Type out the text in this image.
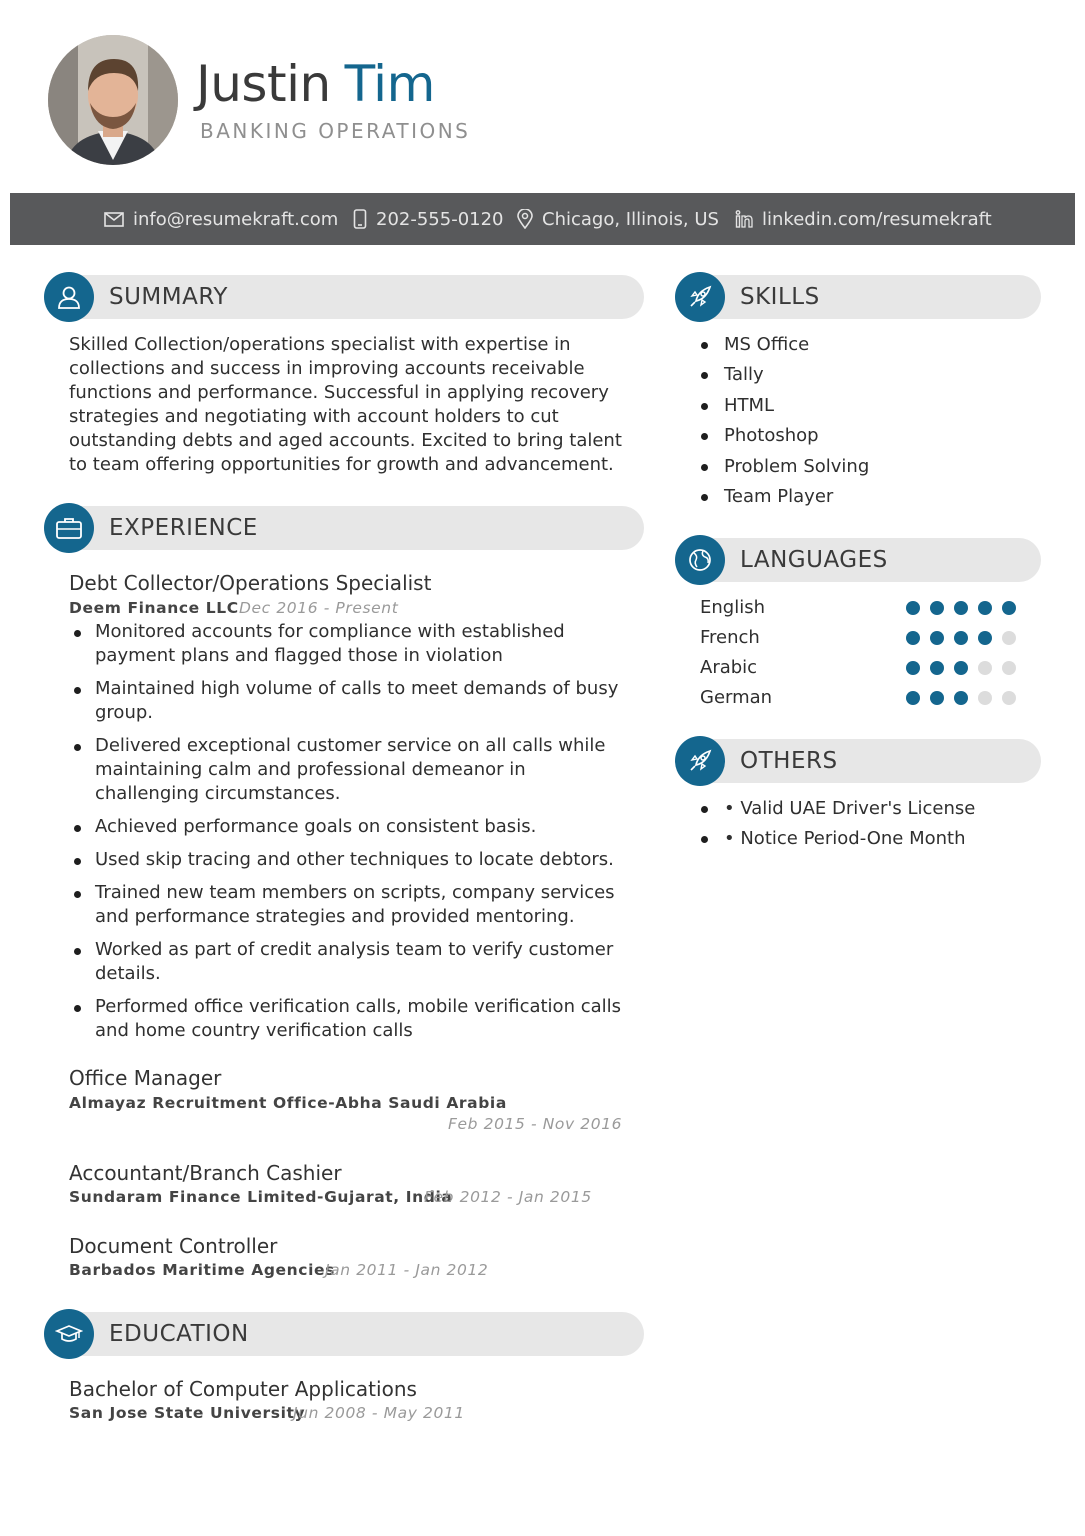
Justin Tim
BANKING OPERATIONS
info@resumekraft.com 202-555-0120 Chicago, Illinois, US linkedin.com/resumekraft
SUMMARY
Skilled Collection/operations specialist with expertise in collections and success in improving accounts receivable functions and performance. Successful in applying recovery strategies and negotiating with account holders to cut outstanding debts and aged accounts. Excited to bring talent to team offering opportunities for growth and advancement.
EXPERIENCE
Debt Collector/Operations Specialist
Deem Finance LLC Dec 2016 - Present
Monitored accounts for compliance with established payment plans and flagged those in violation
Maintained high volume of calls to meet demands of busy group.
Delivered exceptional customer service on all calls while maintaining calm and professional demeanor in challenging circumstances.
Achieved performance goals on consistent basis.
Used skip tracing and other techniques to locate debtors.
Trained new team members on scripts, company services and performance strategies and provided mentoring.
Worked as part of credit analysis team to verify customer details.
Performed office verification calls, mobile verification calls and home country verification calls
Office Manager
Almayaz Recruitment Office-Abha Saudi Arabia
Feb 2015 - Nov 2016
Accountant/Branch Cashier
Sundaram Finance Limited-Gujarat, India
Feb 2012 - Jan 2015
Document Controller
Barbados Maritime Agencies
Jan 2011 - Jan 2012
EDUCATION
Bachelor of Computer Applications
San Jose State University
Jun 2008 - May 2011
SKILLS
MS Office
Tally
HTML
Photoshop
Problem Solving
Team Player
LANGUAGES
English
French
Arabic
German
OTHERS
• Valid UAE Driver's License
• Notice Period-One Month
